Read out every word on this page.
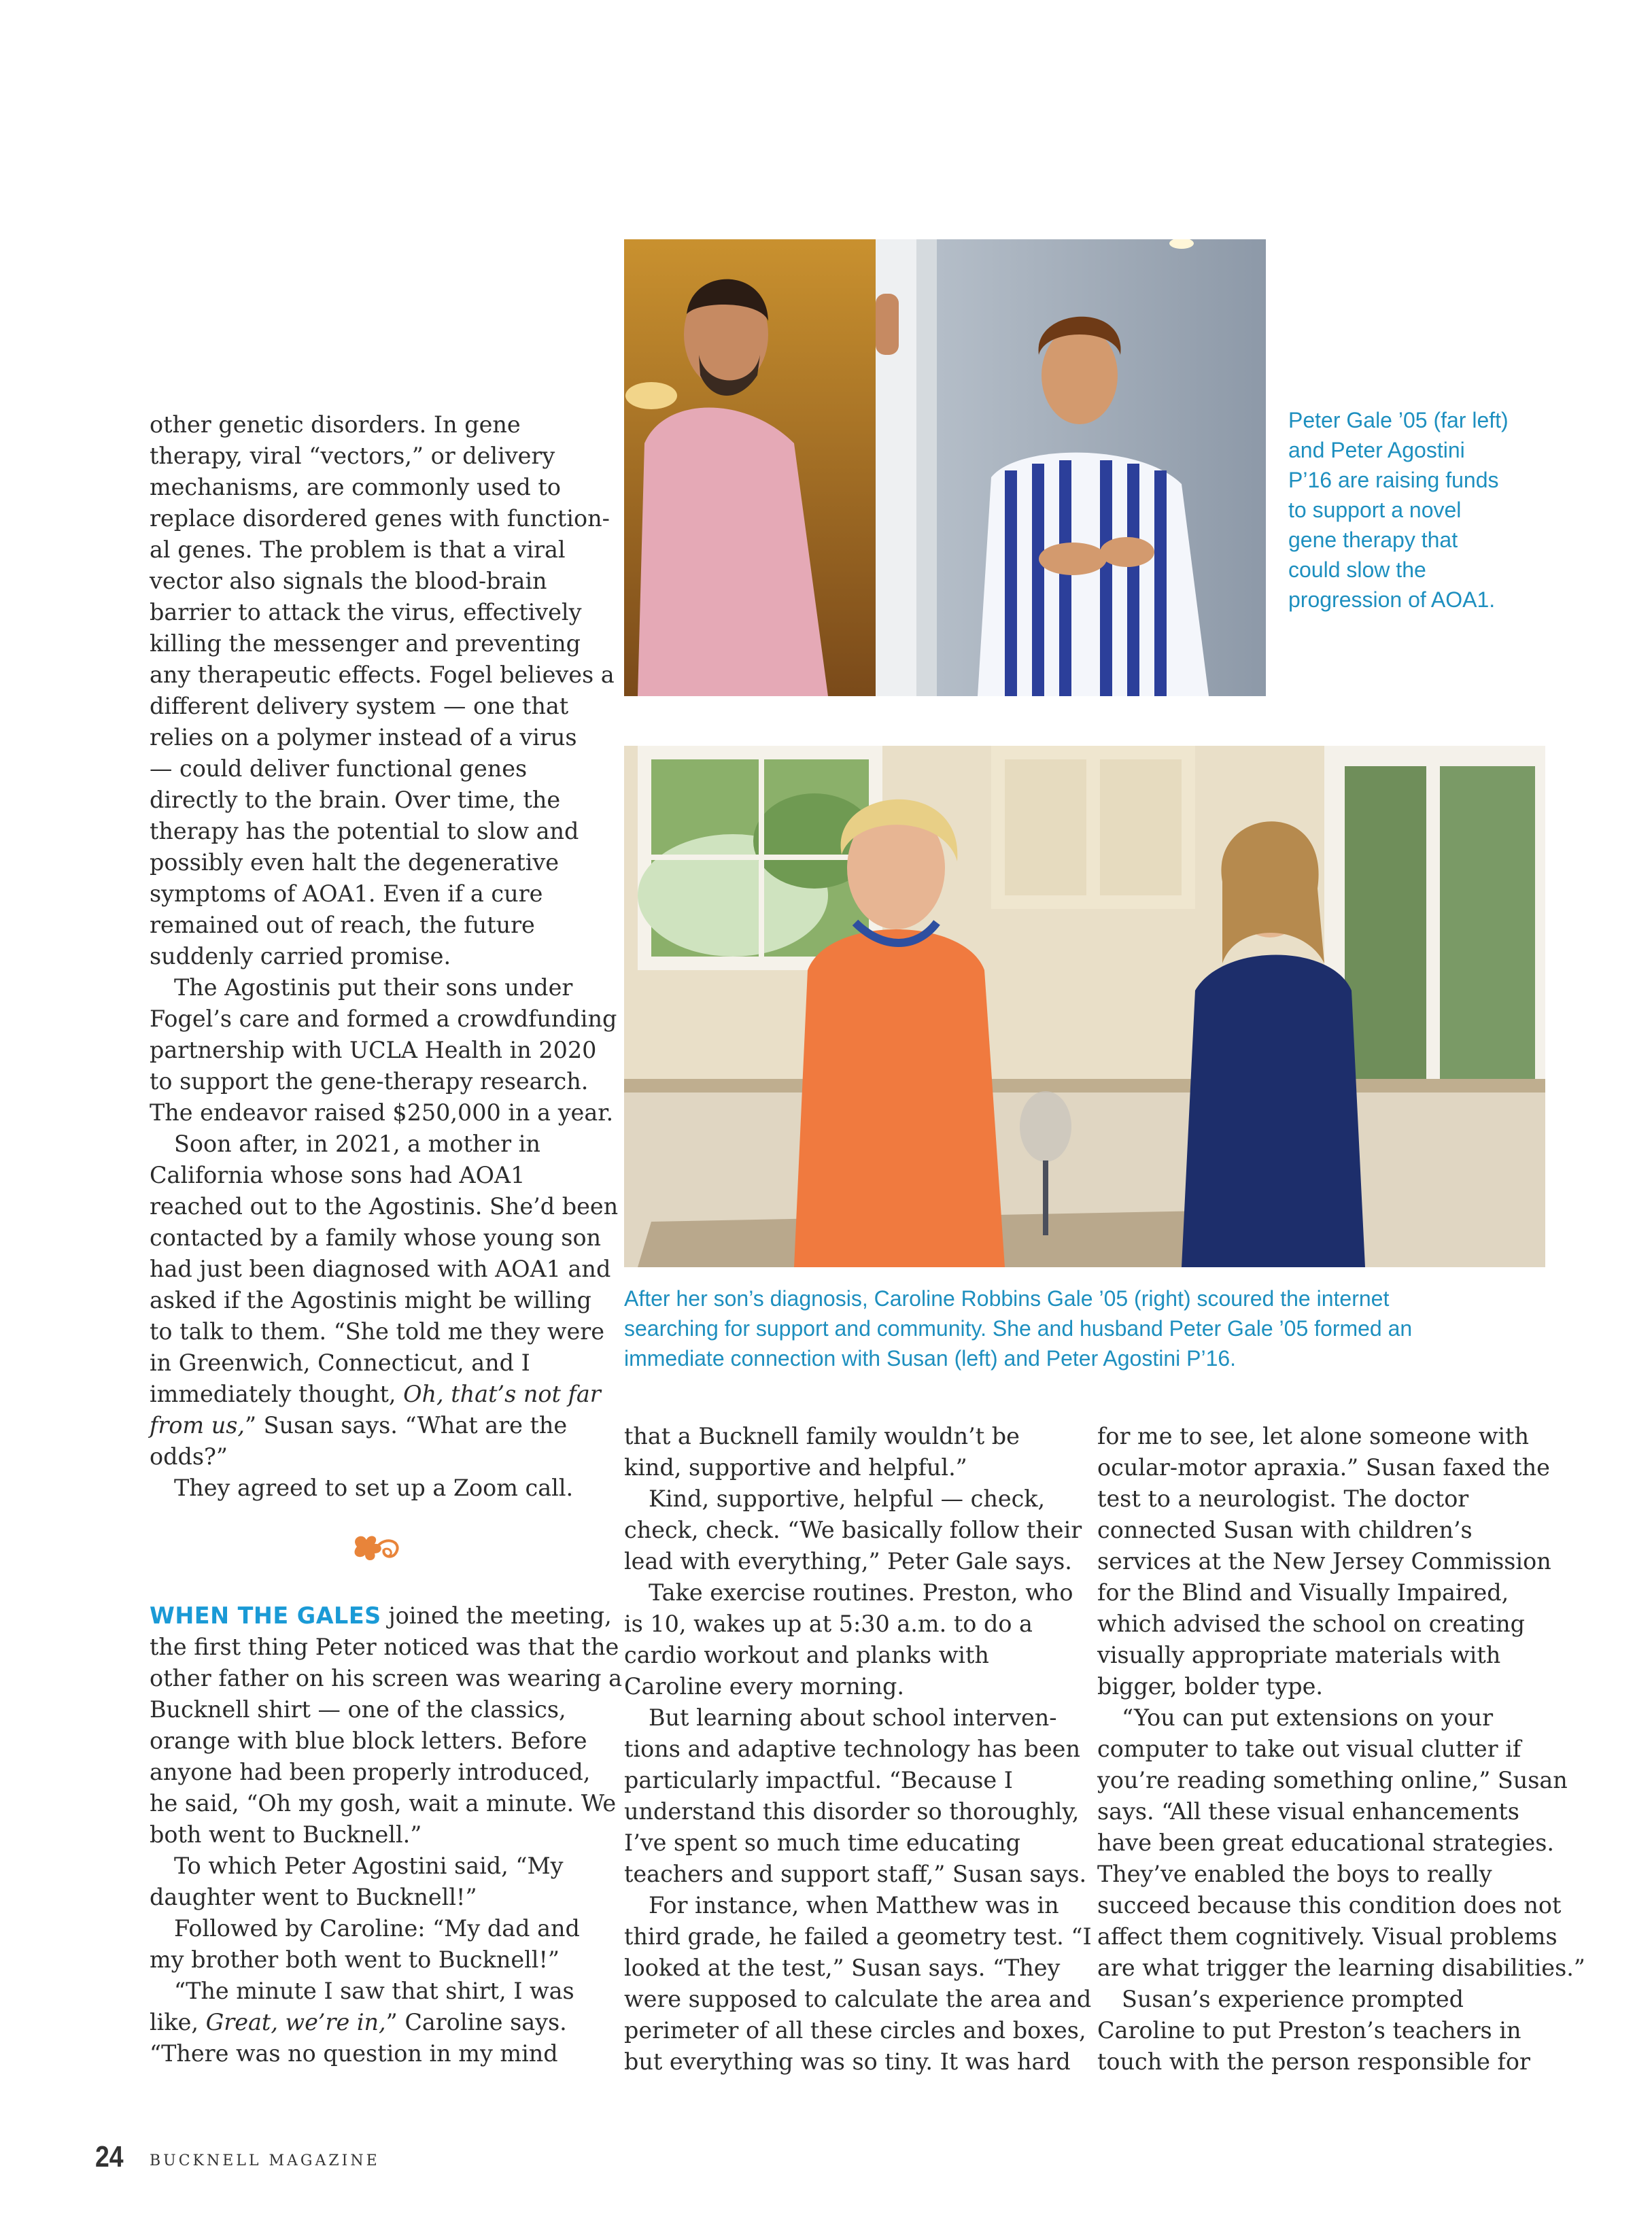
other genetic disorders. In gene
therapy, viral “vectors,” or delivery
mechanisms, are commonly used to
replace disordered genes with function-
al genes. The problem is that a viral
vector also signals the blood-brain
barrier to attack the virus, effectively
killing the messenger and preventing
any therapeutic effects. Fogel believes a
different delivery system — one that
relies on a polymer instead of a virus
— could deliver functional genes
directly to the brain. Over time, the
therapy has the potential to slow and
possibly even halt the degenerative
symptoms of AOA1. Even if a cure
remained out of reach, the future
suddenly carried promise.

The Agostinis put their sons under
Fogel’s care and formed a crowdfunding
partnership with UCLA Health in 2020
to support the gene-therapy research.
The endeavor raised $250,000 in a year.

Soon after, in 2021, a mother in
California whose sons had AOA1
reached out to the Agostinis. She’d been
contacted by a family whose young son
had just been diagnosed with AOA1 and
asked if the Agostinis might be willing
to talk to them. “She told me they were
in Greenwich, Connecticut, and I
immediately thought, Oh, that’s not far
from us,” Susan says. “What are the
odds?”

They agreed to set up a Zoom call.

WHEN THE GALES joined the meeting,
the first thing Peter noticed was that the
other father on his screen was wearing a
Bucknell shirt — one of the classics,
orange with blue block letters. Before
anyone had been properly introduced,
he said, “Oh my gosh, wait a minute. We
both went to Bucknell.”

To which Peter Agostini said, “My
daughter went to Bucknell!”

Followed by Caroline: “My dad and
my brother both went to Bucknell!”

“The minute I saw that shirt, I was
like, Great, we’re in,” Caroline says.
“There was no question in my mind

Peter Gale ’05 (far left)
and Peter Agostini
P’16 are raising funds
to support a novel
gene therapy that
could slow the
progression of AOA1.
After her son’s diagnosis, Caroline Robbins Gale ’05 (right) scoured the internet
searching for support and community. She and husband Peter Gale ’05 formed an
immediate connection with Susan (left) and Peter Agostini P’16.

that a Bucknell family wouldn’t be
kind, supportive and helpful.”

Kind, supportive, helpful — check,
check, check. “We basically follow their
lead with everything,” Peter Gale says.

Take exercise routines. Preston, who
is 10, wakes up at 5:30 a.m. to do a
cardio workout and planks with
Caroline every morning.

But learning about school interven-
tions and adaptive technology has been
particularly impactful. “Because I
understand this disorder so thoroughly,
I’ve spent so much time educating
teachers and support staff,” Susan says.

For instance, when Matthew was in
third grade, he failed a geometry test. “I
looked at the test,” Susan says. “They
were supposed to calculate the area and
perimeter of all these circles and boxes,
but everything was so tiny. It was hard

for me to see, let alone someone with
ocular-motor apraxia.” Susan faxed the
test to a neurologist. The doctor
connected Susan with children’s
services at the New Jersey Commission
for the Blind and Visually Impaired,
which advised the school on creating
visually appropriate materials with
bigger, bolder type.

“You can put extensions on your
computer to take out visual clutter if
you’re reading something online,” Susan
says. “All these visual enhancements
have been great educational strategies.
They’ve enabled the boys to really
succeed because this condition does not
affect them cognitively. Visual problems
are what trigger the learning disabilities.”

Susan’s experience prompted
Caroline to put Preston’s teachers in
touch with the person responsible for

24 BUCKNELL MAGAZINE
